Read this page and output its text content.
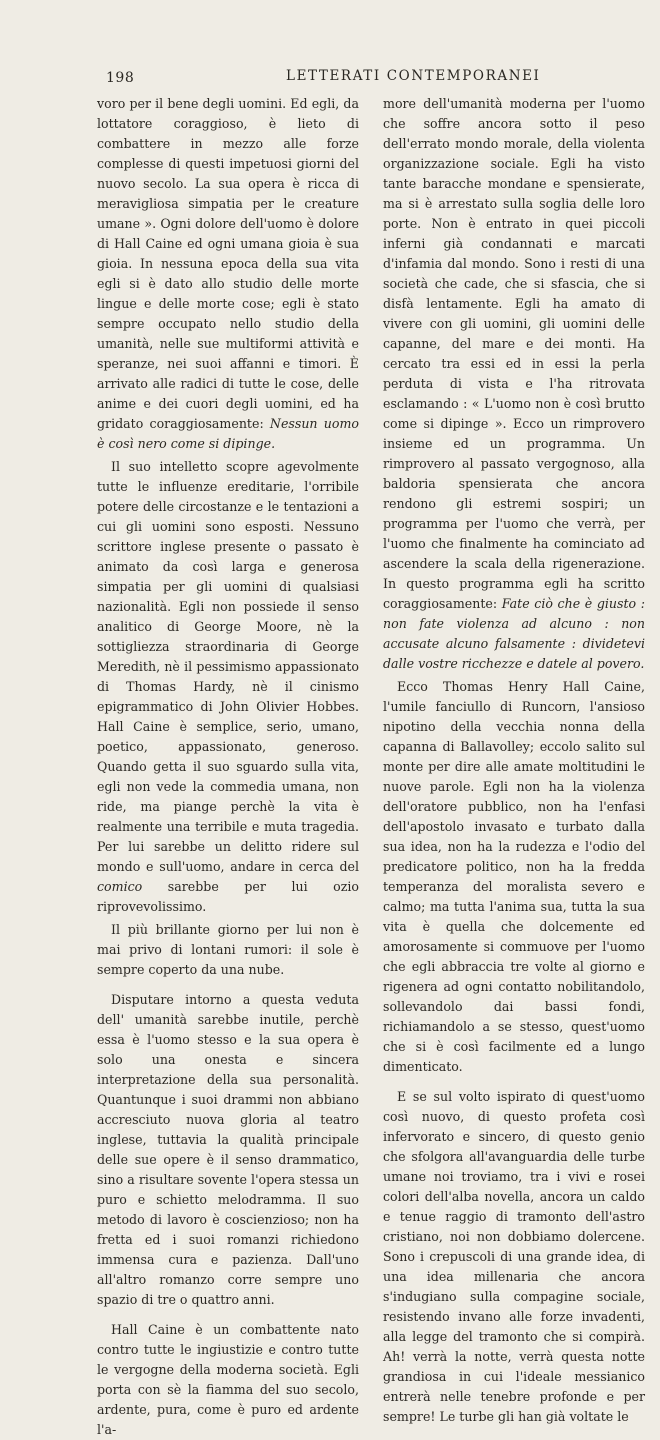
198	LETTERATI CONTEMPORANEI

voro per il bene degli uomini. Ed egli, da lottatore coraggioso, è lieto di combattere in mezzo alle forze complesse di questi impetuosi giorni del nuovo secolo. La sua opera è ricca di meravigliosa simpatia per le creature umane ». Ogni dolore dell'uomo è dolore di Hall Caine ed ogni umana gioia è sua gioia. In nessuna epoca della sua vita egli si è dato allo studio delle morte lingue e delle morte cose; egli è stato sempre occupato nello studio della umanità, nelle sue multiformi attività e speranze, nei suoi affanni e timori. È arrivato alle radici di tutte le cose, delle anime e dei cuori degli uomini, ed ha gridato coraggiosamente: Nessun uomo è così nero come si dipinge.

Il suo intelletto scopre agevolmente tutte le influenze ereditarie, l'orribile potere delle circostanze e le tentazioni a cui gli uomini sono esposti. Nessuno scrittore inglese presente o passato è animato da così larga e generosa simpatia per gli uomini di qualsiasi nazionalità. Egli non possiede il senso analitico di George Moore, nè la sottigliezza straordinaria di George Meredith, nè il pessimismo appassionato di Thomas Hardy, nè il cinismo epigrammatico di John Olivier Hobbes. Hall Caine è semplice, serio, umano, poetico, appassionato, generoso. Quando getta il suo sguardo sulla vita, egli non vede la commedia umana, non ride, ma piange perchè la vita è realmente una terribile e muta tragedia. Per lui sarebbe un delitto ridere sul mondo e sull'uomo, andare in cerca del comico sarebbe per lui ozio riprovevolissimo.

Il più brillante giorno per lui non è mai privo di lontani rumori: il sole è sempre coperto da una nube.

Disputare intorno a questa veduta dell' umanità sarebbe inutile, perchè essa è l'uomo stesso e la sua opera è solo una onesta e sincera interpretazione della sua personalità. Quantunque i suoi drammi non abbiano accresciuto nuova gloria al teatro inglese, tuttavia la qualità principale delle sue opere è il senso drammatico, sino a risultare sovente l'opera stessa un puro e schietto melodramma. Il suo metodo di lavoro è coscienzioso; non ha fretta ed i suoi romanzi richiedono immensa cura e pazienza. Dall'uno all'altro romanzo corre sempre uno spazio di tre o quattro anni.

Hall Caine è un combattente nato contro tutte le ingiustizie e contro tutte le vergogne della moderna società. Egli porta con sè la fiamma del suo secolo, ardente, pura, come è puro ed ardente l'a-

more dell'umanità moderna per l'uomo che soffre ancora sotto il peso dell'errato mondo morale, della violenta organizzazione sociale. Egli ha visto tante baracche mondane e spensierate, ma si è arrestato sulla soglia delle loro porte. Non è entrato in quei piccoli inferni già condannati e marcati d'infamia dal mondo. Sono i resti di una società che cade, che si sfascia, che si disfà lentamente. Egli ha amato di vivere con gli uomini, gli uomini delle capanne, del mare e dei monti. Ha cercato tra essi ed in essi la perla perduta di vista e l'ha ritrovata esclamando : « L'uomo non è così brutto come si dipinge ». Ecco un rimprovero insieme ed un programma. Un rimprovero al passato vergognoso, alla baldoria spensierata che ancora rendono gli estremi sospiri; un programma per l'uomo che verrà, per l'uomo che finalmente ha cominciato ad ascendere la scala della rigenerazione. In questo programma egli ha scritto coraggiosamente: Fate ciò che è giusto : non fate violenza ad alcuno : non accusate alcuno falsamente : dividetevi dalle vostre ricchezze e datele al povero.

Ecco Thomas Henry Hall Caine, l'umile fanciullo di Runcorn, l'ansioso nipotino della vecchia nonna della capanna di Ballavolley; eccolo salito sul monte per dire alle amate moltitudini le nuove parole. Egli non ha la violenza dell'oratore pubblico, non ha l'enfasi dell'apostolo invasato e turbato dalla sua idea, non ha la rudezza e l'odio del predicatore politico, non ha la fredda temperanza del moralista severo e calmo; ma tutta l'anima sua, tutta la sua vita è quella che dolcemente ed amorosamente si commuove per l'uomo che egli abbraccia tre volte al giorno e rigenera ad ogni contatto nobilitandolo, sollevandolo dai bassi fondi, richiamandolo a se stesso, quest'uomo che si è così facilmente ed a lungo dimenticato.

E se sul volto ispirato di quest'uomo così nuovo, di questo profeta così infervorato e sincero, di questo genio che sfolgora all'avanguardia delle turbe umane noi troviamo, tra i vivi e rosei colori dell'alba novella, ancora un caldo e tenue raggio di tramonto dell'astro cristiano, noi non dobbiamo dolercene. Sono i crepuscoli di una grande idea, di una idea millenaria che ancora s'indugiano sulla compagine sociale, resistendo invano alle forze invadenti, alla legge del tramonto che si compirà. Ah! verrà la notte, verrà questa notte grandiosa in cui l'ideale messianico entrerà nelle tenebre profonde e per sempre! Le turbe gli han già voltate le
